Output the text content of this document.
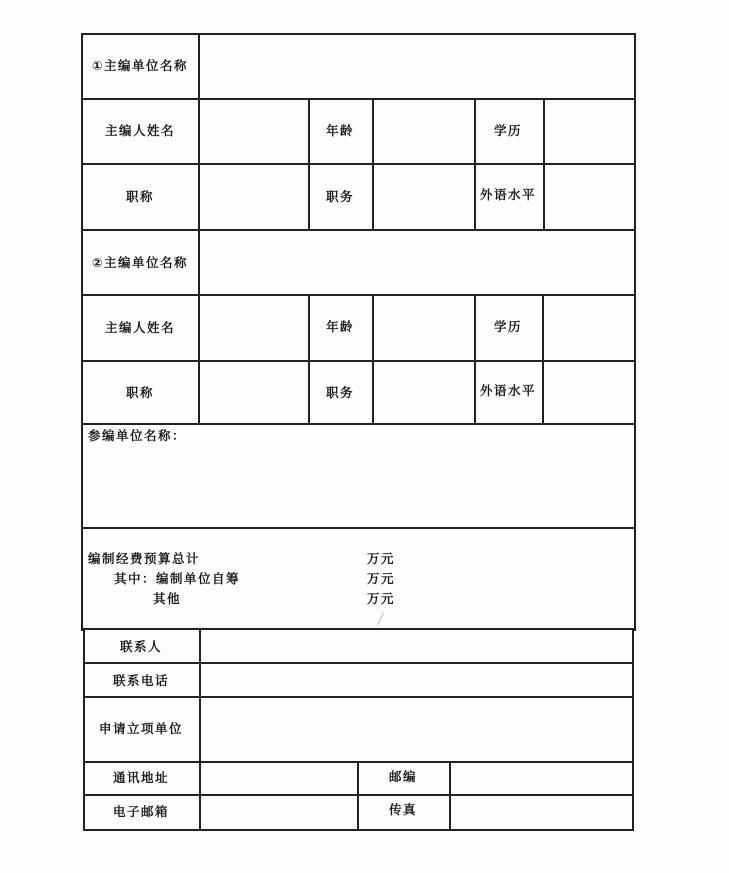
①主编单位名称
主编人姓名	年龄	学历
职称	职务	外语水平
②主编单位名称
主编人姓名	年龄	学历
职称	职务	外语水平
参编单位名称：
编制经费预算总计	万元
其中：编制单位自筹	万元
其他	万元
联系人
联系电话
申请立项单位
通讯地址	邮编
电子邮箱	传真
